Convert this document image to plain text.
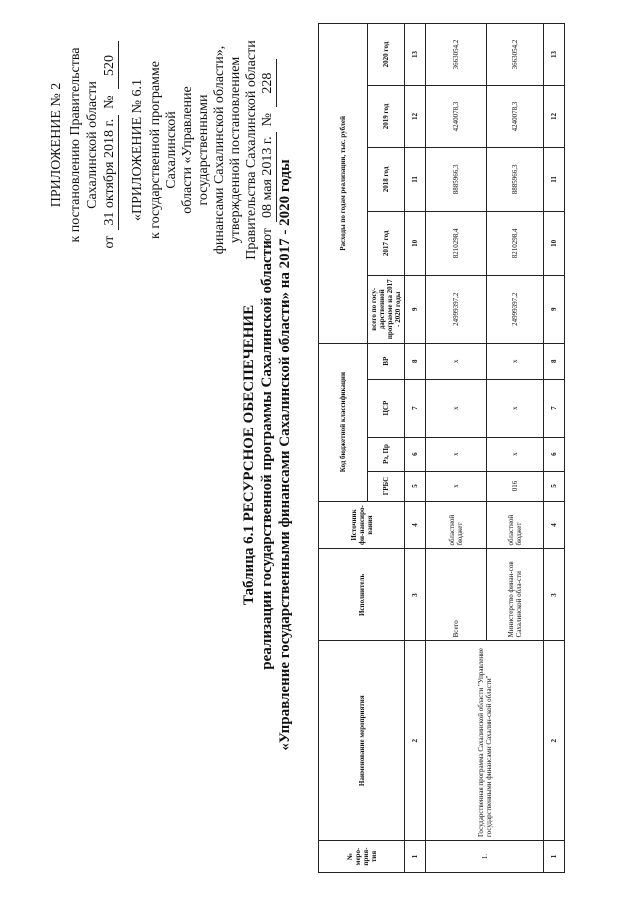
ПРИЛОЖЕНИЕ № 2 к постановлению Правительства Сахалинской области
от
31 октября 2018 г.
№
520
«ПРИЛОЖЕНИЕ № 6.1 к государственной программе Сахалинской области «Управление государственными финансами Сахалинской области», утвержденной постановлением Правительства Сахалинской области от
08 мая 2013 г.
№
228
Таблица 6.1 РЕСУРСНОЕ ОБЕСПЕЧЕНИЕ реализации государственной программы Сахалинской области «Управление государственными финансами Сахалинской области» на 2017 - 2020 годы
№ меро-прия-тия	Наименование мероприятия	Исполнитель	Источник фи-нансиро-вания	Код бюджетной классификации				Расходы по годам реализации, тыс. рублей				
				ГРБС	Рз, Пр	ЦСР	ВР	всего по госу-дарственной программе на 2017 - 2020 годы	2017 год	2018 год	2019 год	2020 год

1	2	3	4	5	6	7	8	9	10	11	12	13
1.	Государственная программа Сахалинской области "Управление государственными финансами Сахалин-ской области"	Всего	областной бюджет	х	х	х	х	24999397,2	8210298,4	8885966,3	4240078,3	3663054,2
		Министерство финан-сов Сахалинской обла-сти	областной бюджет	016	х	х	х	24999397,2	8210298,4	8885966,3	4240078,3	3663054,2
1	2	3	4	5	6	7	8	9	10	11	12	13
